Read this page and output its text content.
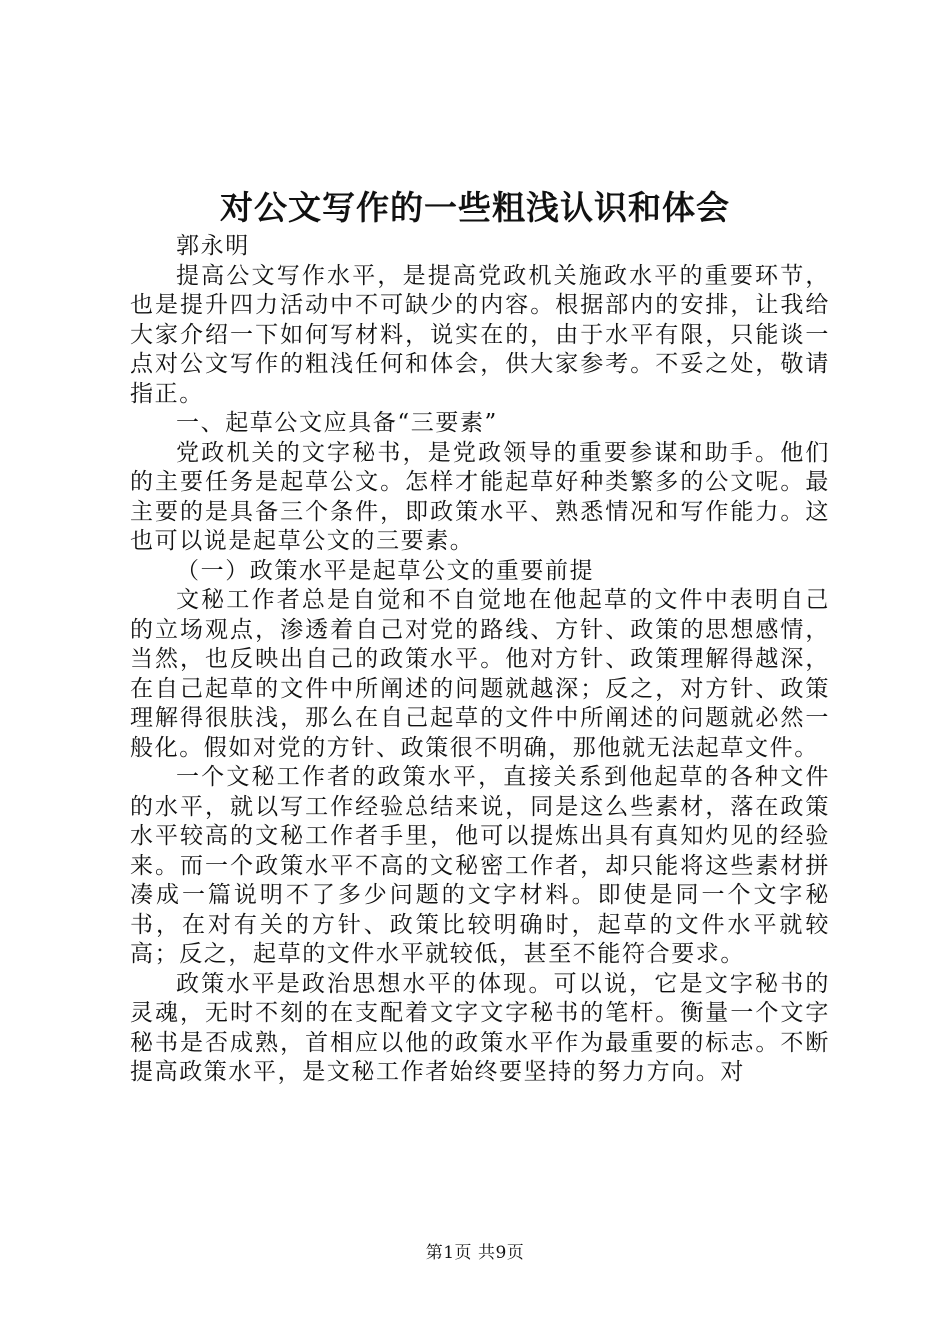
对公文写作的一些粗浅认识和体会

郭永明

提高公文写作水平，是提高党政机关施政水平的重要环节，也是提升四力活动中不可缺少的内容。根据部内的安排，让我给大家介绍一下如何写材料，说实在的，由于水平有限，只能谈一点对公文写作的粗浅任何和体会，供大家参考。不妥之处，敬请指正。

一、起草公文应具备“三要素”

党政机关的文字秘书，是党政领导的重要参谋和助手。他们的主要任务是起草公文。怎样才能起草好种类繁多的公文呢。最主要的是具备三个条件，即政策水平、熟悉情况和写作能力。这也可以说是起草公文的三要素。

（一）政策水平是起草公文的重要前提

文秘工作者总是自觉和不自觉地在他起草的文件中表明自己的立场观点，渗透着自己对党的路线、方针、政策的思想感情，当然，也反映出自己的政策水平。他对方针、政策理解得越深，在自己起草的文件中所阐述的问题就越深；反之，对方针、政策理解得很肤浅，那么在自己起草的文件中所阐述的问题就必然一般化。假如对党的方针、政策很不明确，那他就无法起草文件。

一个文秘工作者的政策水平，直接关系到他起草的各种文件的水平，就以写工作经验总结来说，同是这么些素材，落在政策水平较高的文秘工作者手里，他可以提炼出具有真知灼见的经验来。而一个政策水平不高的文秘密工作者，却只能将这些素材拼凑成一篇说明不了多少问题的文字材料。即使是同一个文字秘书，在对有关的方针、政策比较明确时，起草的文件水平就较高；反之，起草的文件水平就较低，甚至不能符合要求。

政策水平是政治思想水平的体现。可以说，它是文字秘书的灵魂，无时不刻的在支配着文字文字秘书的笔杆。衡量一个文字秘书是否成熟，首相应以他的政策水平作为最重要的标志。不断提高政策水平，是文秘工作者始终要坚持的努力方向。对

第1页 共9页
